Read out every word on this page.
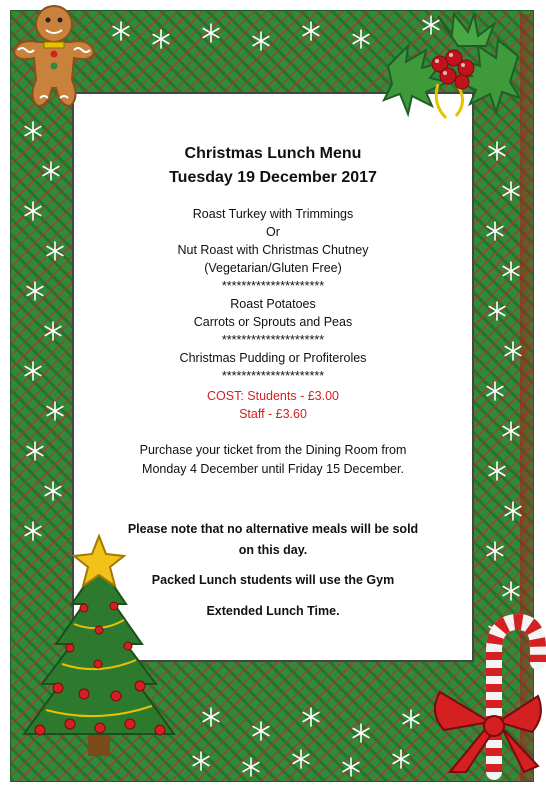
Christmas Lunch Menu
Tuesday 19 December 2017
Roast Turkey with Trimmings
Or
Nut Roast with Christmas Chutney
(Vegetarian/Gluten Free)
*********************
Roast Potatoes
Carrots or Sprouts and Peas
*********************
Christmas Pudding or Profiteroles
*********************
COST: Students - £3.00
Staff - £3.60
Purchase your ticket from the Dining Room from
Monday 4 December until Friday 15 December.
Please note that no alternative meals will be sold
on this day.
Packed Lunch students will use the Gym
Extended Lunch Time.
